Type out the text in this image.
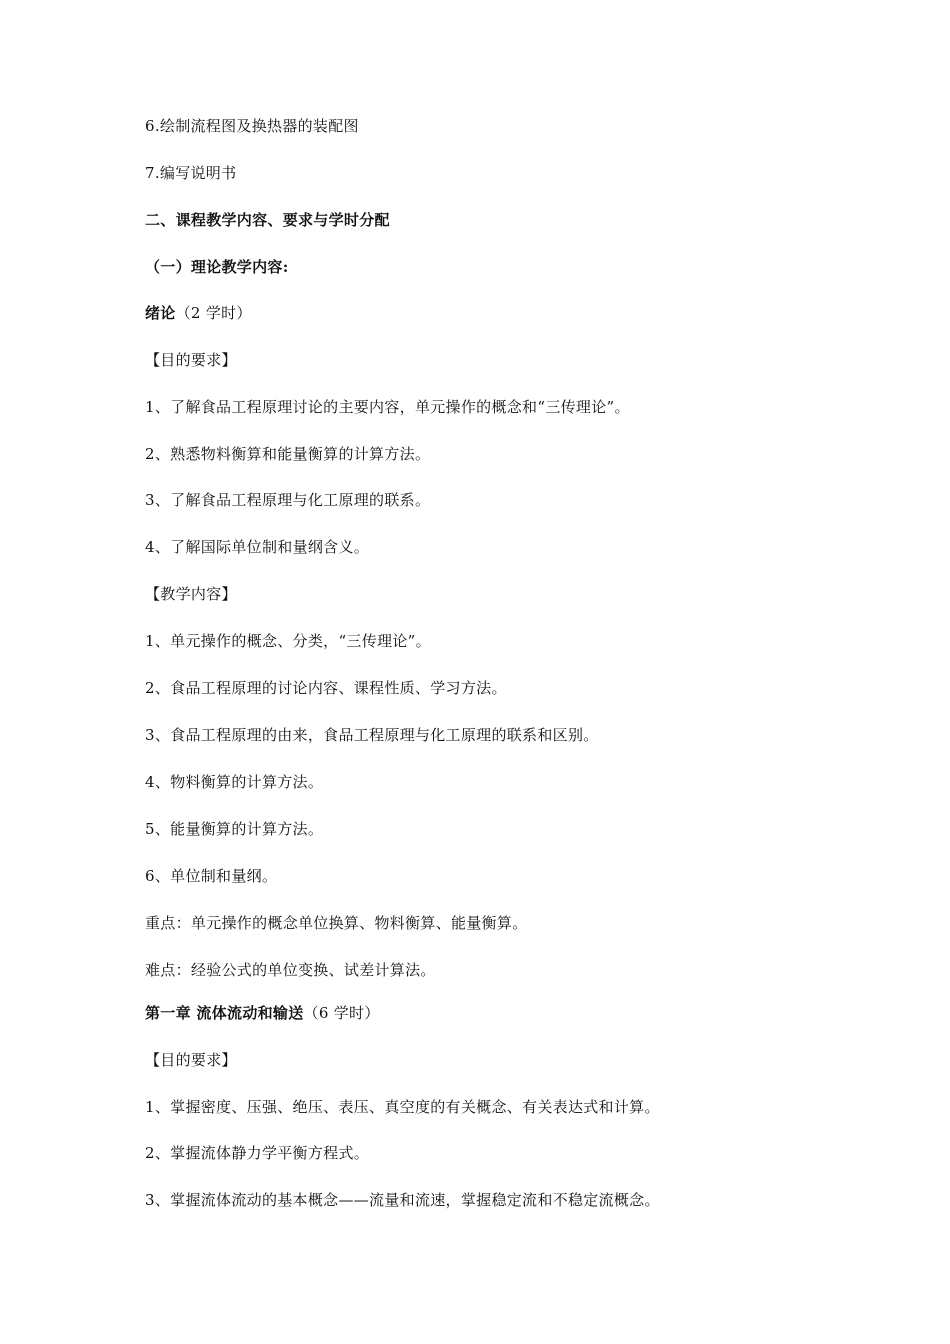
6.绘制流程图及换热器的装配图
7.编写说明书
二、课程教学内容、要求与学时分配
（一）理论教学内容:
绪论（2 学时）
【目的要求】
1、了解食品工程原理讨论的主要内容，单元操作的概念和“三传理论”。
2、熟悉物料衡算和能量衡算的计算方法。
3、了解食品工程原理与化工原理的联系。
4、了解国际单位制和量纲含义。
【教学内容】
1、单元操作的概念、分类，“三传理论”。
2、食品工程原理的讨论内容、课程性质、学习方法。
3、食品工程原理的由来，食品工程原理与化工原理的联系和区别。
4、物料衡算的计算方法。
5、能量衡算的计算方法。
6、单位制和量纲。
重点：单元操作的概念单位换算、物料衡算、能量衡算。
难点：经验公式的单位变换、试差计算法。
第一章 流体流动和输送（6 学时）
【目的要求】
1、掌握密度、压强、绝压、表压、真空度的有关概念、有关表达式和计算。
2、掌握流体静力学平衡方程式。
3、掌握流体流动的基本概念——流量和流速，掌握稳定流和不稳定流概念。
